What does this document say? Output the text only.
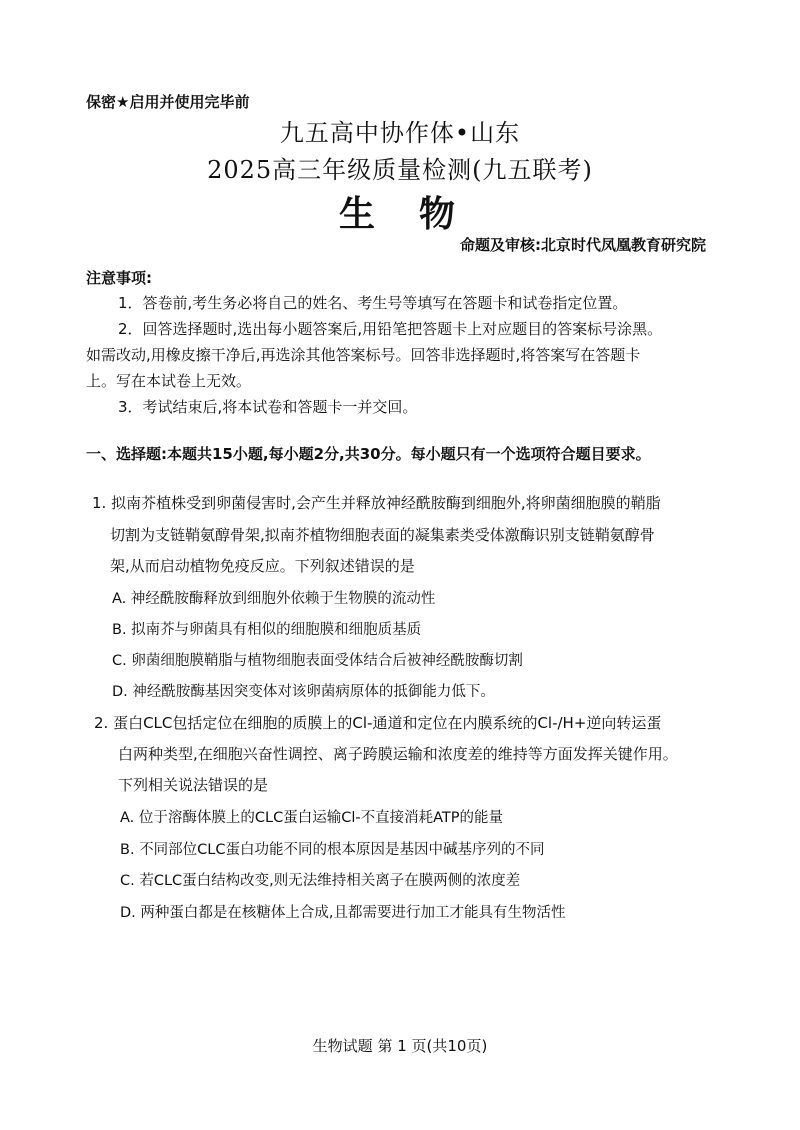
保密★启用并使用完毕前
九五高中协作体•山东
2025高三年级质量检测(九五联考)
生 物
命题及审核:北京时代凤凰教育研究院
注意事项:
1．答卷前,考生务必将自己的姓名、考生号等填写在答题卡和试卷指定位置。
2．回答选择题时,选出每小题答案后,用铅笔把答题卡上对应题目的答案标号涂黑。
如需改动,用橡皮擦干净后,再选涂其他答案标号。回答非选择题时,将答案写在答题卡
上。写在本试卷上无效。
3．考试结束后,将本试卷和答题卡一并交回。
一、选择题:本题共15小题,每小题2分,共30分。每小题只有一个选项符合题目要求。
1. 拟南芥植株受到卵菌侵害时,会产生并释放神经酰胺酶到细胞外,将卵菌细胞膜的鞘脂
切割为支链鞘氨醇骨架,拟南芥植物细胞表面的凝集素类受体激酶识别支链鞘氨醇骨
架,从而启动植物免疫反应。下列叙述错误的是
A. 神经酰胺酶释放到细胞外依赖于生物膜的流动性
B. 拟南芥与卵菌具有相似的细胞膜和细胞质基质
C. 卵菌细胞膜鞘脂与植物细胞表面受体结合后被神经酰胺酶切割
D. 神经酰胺酶基因突变体对该卵菌病原体的抵御能力低下。
2. 蛋白CLC包括定位在细胞的质膜上的Cl-通道和定位在内膜系统的Cl-/H+逆向转运蛋
白两种类型,在细胞兴奋性调控、离子跨膜运输和浓度差的维持等方面发挥关键作用。
下列相关说法错误的是
A. 位于溶酶体膜上的CLC蛋白运输Cl-不直接消耗ATP的能量
B. 不同部位CLC蛋白功能不同的根本原因是基因中碱基序列的不同
C. 若CLC蛋白结构改变,则无法维持相关离子在膜两侧的浓度差
D. 两种蛋白都是在核糖体上合成,且都需要进行加工才能具有生物活性
生物试题 第 1 页(共10页)
